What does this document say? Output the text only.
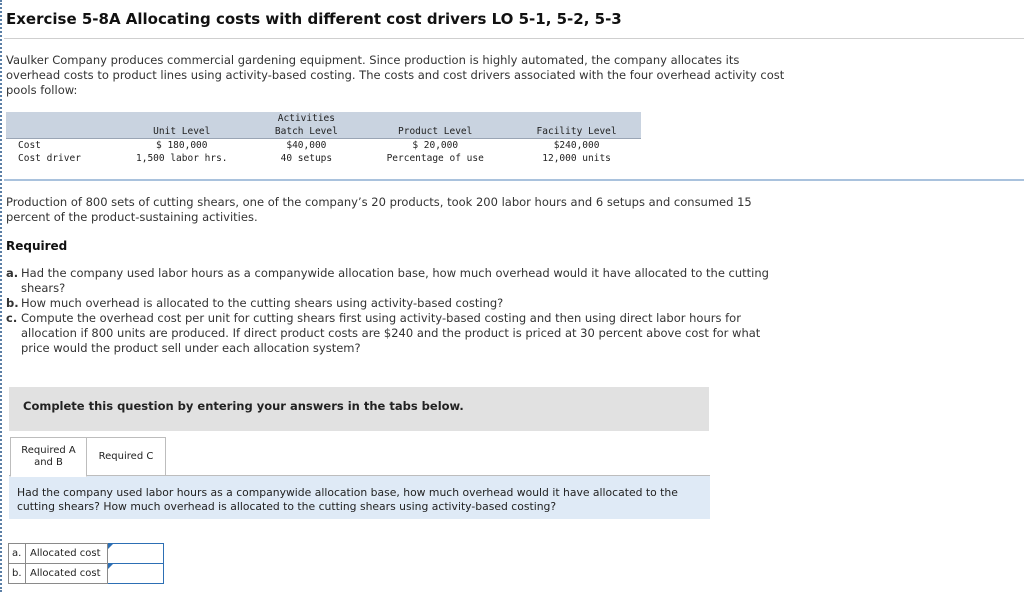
Exercise 5-8A Allocating costs with different cost drivers LO 5-1, 5-2, 5-3
Vaulker Company produces commercial gardening equipment. Since production is highly automated, the company allocates its overhead costs to product lines using activity-based costing. The costs and cost drivers associated with the four overhead activity cost pools follow:
		Activities		
	Unit Level	Batch Level	Product Level	Facility Level
Cost	$ 180,000	$40,000	$ 20,000	$240,000
Cost driver	1,500 labor hrs.	40 setups	Percentage of use	12,000 units
Production of 800 sets of cutting shears, one of the company’s 20 products, took 200 labor hours and 6 setups and consumed 15 percent of the product-sustaining activities.
Required
a. Had the company used labor hours as a companywide allocation base, how much overhead would it have allocated to the cutting shears?
b. How much overhead is allocated to the cutting shears using activity-based costing?
c. Compute the overhead cost per unit for cutting shears first using activity-based costing and then using direct labor hours for allocation if 800 units are produced. If direct product costs are $240 and the product is priced at 30 percent above cost for what price would the product sell under each allocation system?
Complete this question by entering your answers in the tabs below.
Required A
and B
Required C
Had the company used labor hours as a companywide allocation base, how much overhead would it have allocated to the cutting shears? How much overhead is allocated to the cutting shears using activity-based costing?
a.	Allocated cost	

b.	Allocated cost	
